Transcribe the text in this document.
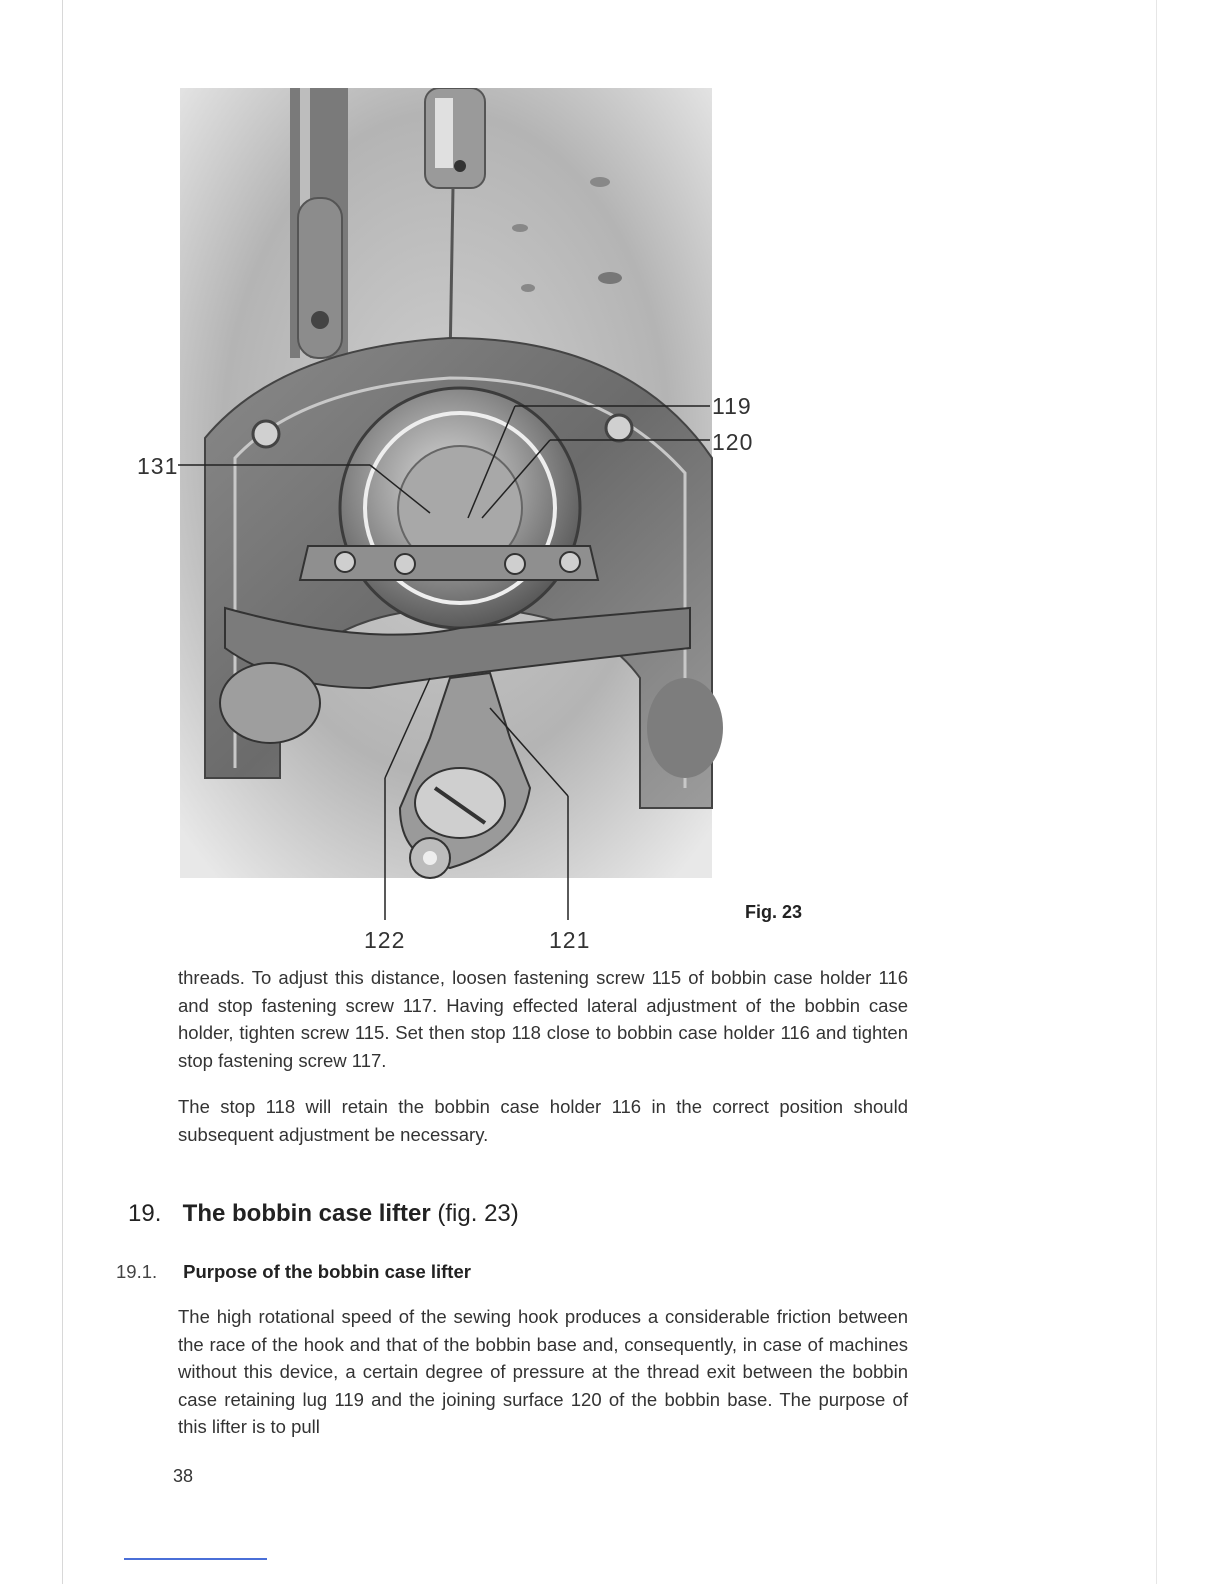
119
120
131
122	121
Fig. 23
threads. To adjust this distance, loosen fastening screw 115 of bobbin case holder 116 and stop fastening screw 117. Having effected lateral adjustment of the bobbin case holder, tighten screw 115. Set then stop 118 close to bobbin case holder 116 and tighten stop fastening screw 117.
The stop 118 will retain the bobbin case holder 116 in the correct position should subsequent adjustment be necessary.
19. The bobbin case lifter (fig. 23)
19.1. Purpose of the bobbin case lifter
The high rotational speed of the sewing hook produces a considerable friction between the race of the hook and that of the bobbin base and, consequently, in case of machines without this device, a certain degree of pressure at the thread exit between the bobbin case retaining lug 119 and the joining surface 120 of the bobbin base. The purpose of this lifter is to pull
38
